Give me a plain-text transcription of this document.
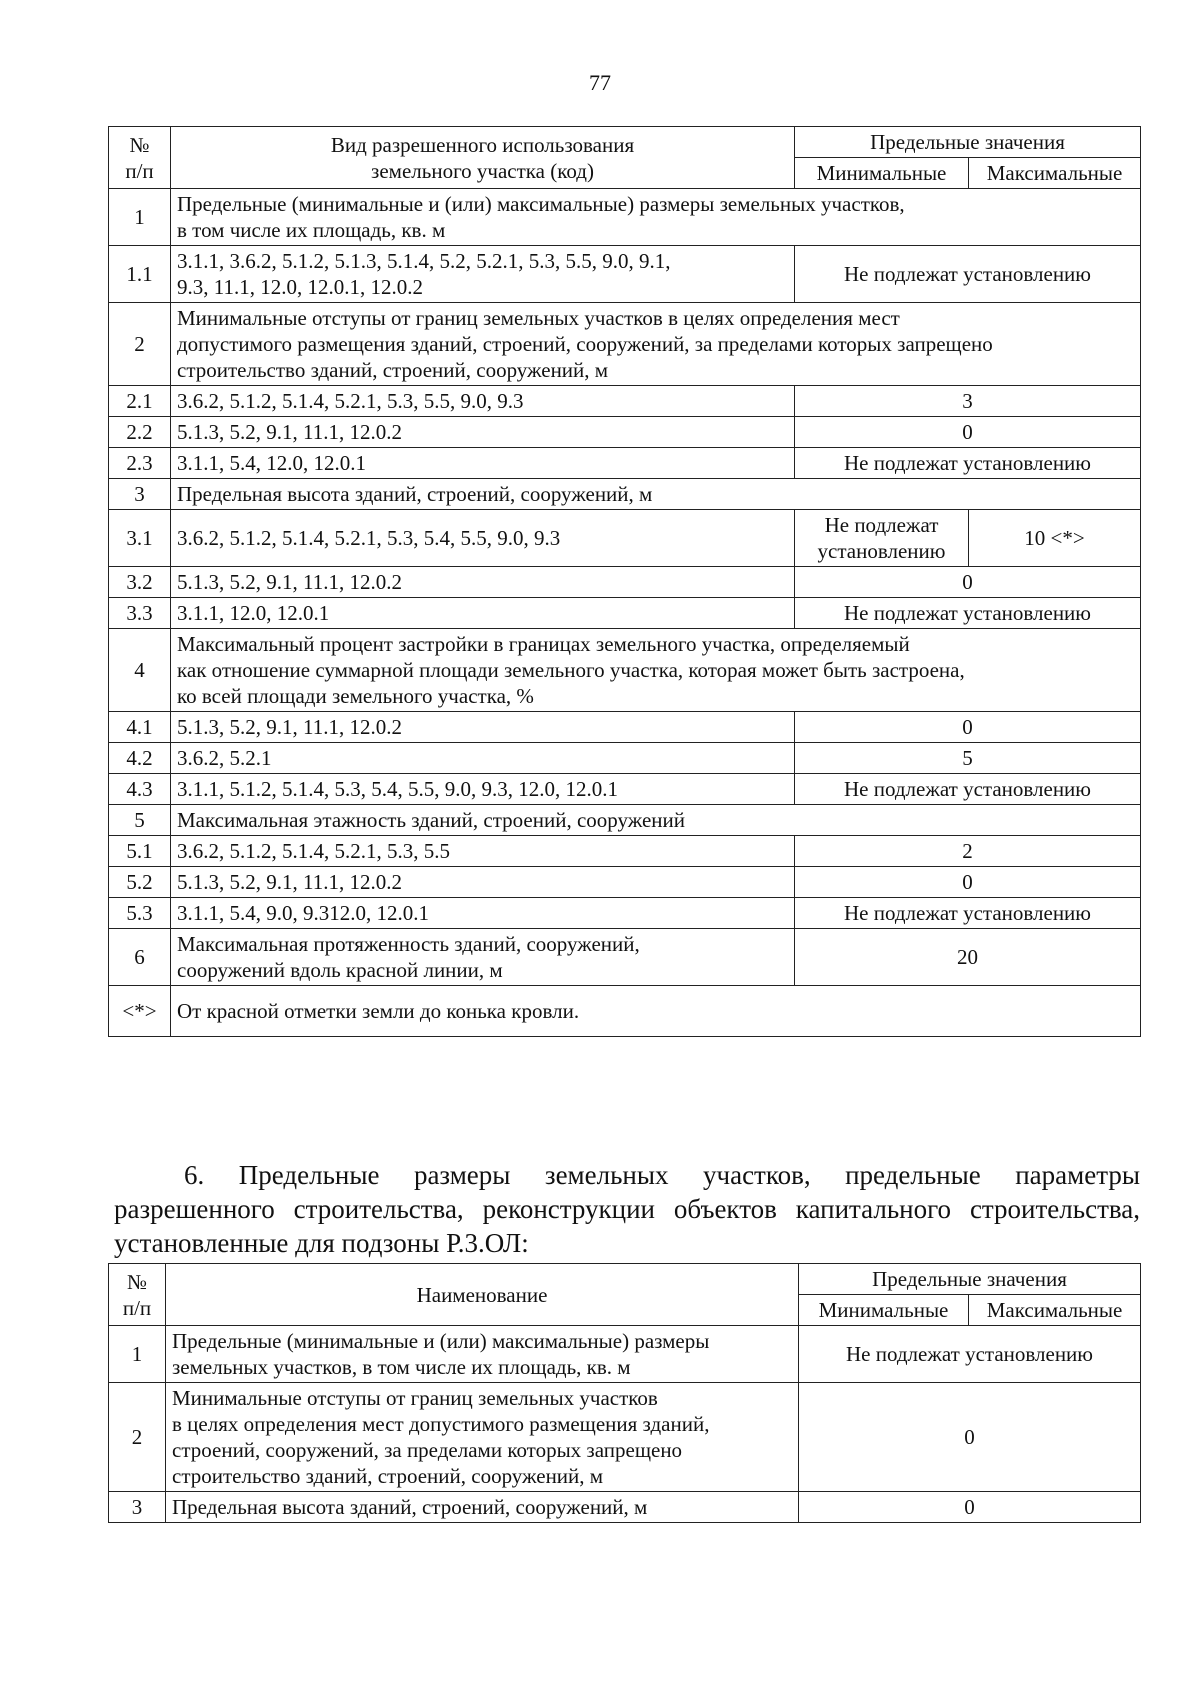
77
№
п/п	Вид разрешенного использования
земельного участка (код)	Предельные значения	
		Минимальные	Максимальные
1	Предельные (минимальные и (или) максимальные) размеры земельных участков,
в том числе их площадь, кв. м		
1.1	3.1.1, 3.6.2, 5.1.2, 5.1.3, 5.1.4, 5.2, 5.2.1, 5.3, 5.5, 9.0, 9.1,
9.3, 11.1, 12.0, 12.0.1, 12.0.2	Не подлежат установлению	
2	Минимальные отступы от границ земельных участков в целях определения мест
допустимого размещения зданий, строений, сооружений, за пределами которых запрещено
строительство зданий, строений, сооружений, м		
2.1	3.6.2, 5.1.2, 5.1.4, 5.2.1, 5.3, 5.5, 9.0, 9.3	3	
2.2	5.1.3, 5.2, 9.1, 11.1, 12.0.2	0	
2.3	3.1.1, 5.4, 12.0, 12.0.1	Не подлежат установлению	
3	Предельная высота зданий, строений, сооружений, м		
3.1	3.6.2, 5.1.2, 5.1.4, 5.2.1, 5.3, 5.4, 5.5, 9.0, 9.3	Не подлежат
установлению	10 <*>
3.2	5.1.3, 5.2, 9.1, 11.1, 12.0.2	0	
3.3	3.1.1, 12.0, 12.0.1	Не подлежат установлению	
4	Максимальный процент застройки в границах земельного участка, определяемый
как отношение суммарной площади земельного участка, которая может быть застроена,
ко всей площади земельного участка, %		
4.1	5.1.3, 5.2, 9.1, 11.1, 12.0.2	0	
4.2	3.6.2, 5.2.1	5	
4.3	3.1.1, 5.1.2, 5.1.4, 5.3, 5.4, 5.5, 9.0, 9.3, 12.0, 12.0.1	Не подлежат установлению	
5	Максимальная этажность зданий, строений, сооружений		
5.1	3.6.2, 5.1.2, 5.1.4, 5.2.1, 5.3, 5.5	2	
5.2	5.1.3, 5.2, 9.1, 11.1, 12.0.2	0	
5.3	3.1.1, 5.4, 9.0, 9.312.0, 12.0.1	Не подлежат установлению	
6	Максимальная протяженность зданий, сооружений,
сооружений вдоль красной линии, м	20	
<*>	От красной отметки земли до конька кровли.		
6. Предельные размеры земельных участков, предельные параметры разрешенного строительства, реконструкции объектов капитального строительства, установленные для подзоны Р.3.ОЛ:
№
п/п	Наименование	Предельные значения	
		Минимальные	Максимальные
1	Предельные (минимальные и (или) максимальные) размеры
земельных участков, в том числе их площадь, кв. м	Не подлежат установлению	
2	Минимальные отступы от границ земельных участков
в целях определения мест допустимого размещения зданий,
строений, сооружений, за пределами которых запрещено
строительство зданий, строений, сооружений, м	0	
3	Предельная высота зданий, строений, сооружений, м	0	
